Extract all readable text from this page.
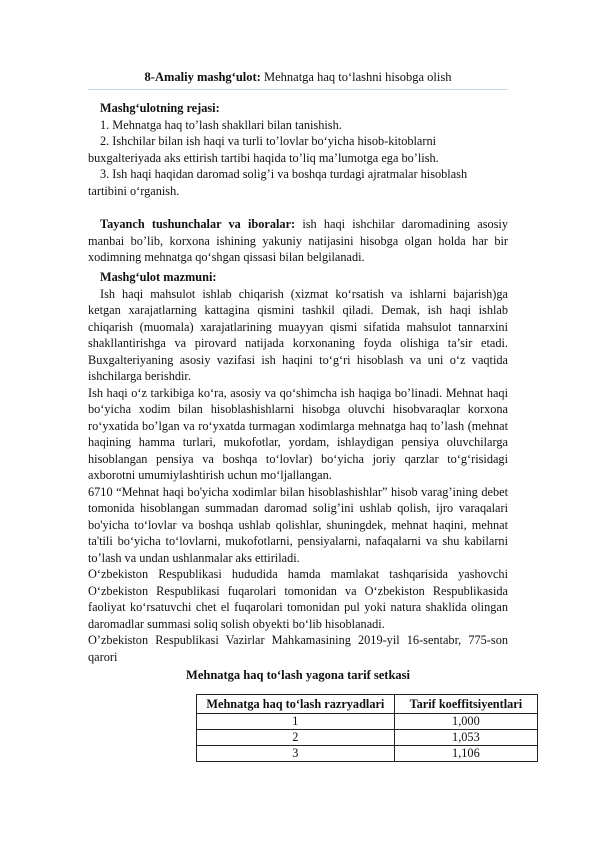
8-Amaliy mashg‘ulot: Mehnatga haq to‘lashni hisobga olish

Mashg‘ulotning rejasi:

1. Mehnatga haq to’lash shakllari bilan tanishish.

2. Ishchilar bilan ish haqi va turli to’lovlar bo‘yicha hisob-kitoblarni buxgalteriyada aks ettirish tartibi haqida to’liq ma’lumotga ega bo’lish.

3. Ish haqi haqidan daromad solig’i va boshqa turdagi ajratmalar hisoblash tartibini o‘rganish.

Tayanch tushunchalar va iboralar: ish haqi ishchilar daromadining asosiy manbai bo’lib, korxona ishining yakuniy natijasini hisobga olgan holda har bir xodimning mehnatga qo‘shgan qissasi bilan belgilanadi.

Mashg‘ulot mazmuni:

Ish haqi mahsulot ishlab chiqarish (xizmat ko‘rsatish va ishlarni bajarish)ga ketgan xarajatlarning kattagina qismini tashkil qiladi. Demak, ish haqi ishlab chiqarish (muomala) xarajatlarining muayyan qismi sifatida mahsulot tannarxini shakllantirishga va pirovard natijada korxonaning foyda olishiga ta’sir etadi. Buxgalteriyaning asosiy vazifasi ish haqini to‘g‘ri hisoblash va uni o‘z vaqtida ishchilarga berishdir.

Ish haqi o‘z tarkibiga ko‘ra, asosiy va qo‘shimcha ish haqiga bo’linadi. Mehnat haqi bo‘yicha xodim bilan hisoblashishlarni hisobga oluvchi hisobvaraqlar korxona ro‘yxatida bo’lgan va ro‘yxatda turmagan xodimlarga mehnatga haq to’lash (mehnat haqining hamma turlari, mukofotlar, yordam, ishlaydigan pensiya oluvchilarga hisoblangan pensiya va boshqa to‘lovlar) bo‘yicha joriy qarzlar to‘g‘risidagi axborotni umumiylashtirish uchun mo‘ljallangan.

6710 “Mehnat haqi bo'yicha xodimlar bilan hisoblashishlar” hisob varag’ining debet tomonida hisoblangan summadan daromad solig’ini ushlab qolish, ijro varaqalari bo'yicha to‘lovlar va boshqa ushlab qolishlar, shuningdek, mehnat haqini, mehnat ta'tili bo‘yicha to‘lovlarni, mukofotlarni, pensiyalarni, nafaqalarni va shu kabilarni to’lash va undan ushlanmalar aks ettiriladi.

O‘zbekiston Respublikasi hududida hamda mamlakat tashqarisida yashovchi O‘zbekiston Respublikasi fuqarolari tomonidan va O‘zbekiston Respublikasida faoliyat ko‘rsatuvchi chet el fuqarolari tomonidan pul yoki natura shaklida olingan daromadlar summasi soliq solish obyekti bo‘lib hisoblanadi.

O’zbekiston Respublikasi Vazirlar Mahkamasining 2019-yil 16-sentabr, 775-son qarori

Mehnatga haq to‘lash yagona tarif setkasi
Mehnatga haq to‘lash razryadlari	Tarif koeffitsiyentlari
1	1,000
2	1,053
3	1,106
